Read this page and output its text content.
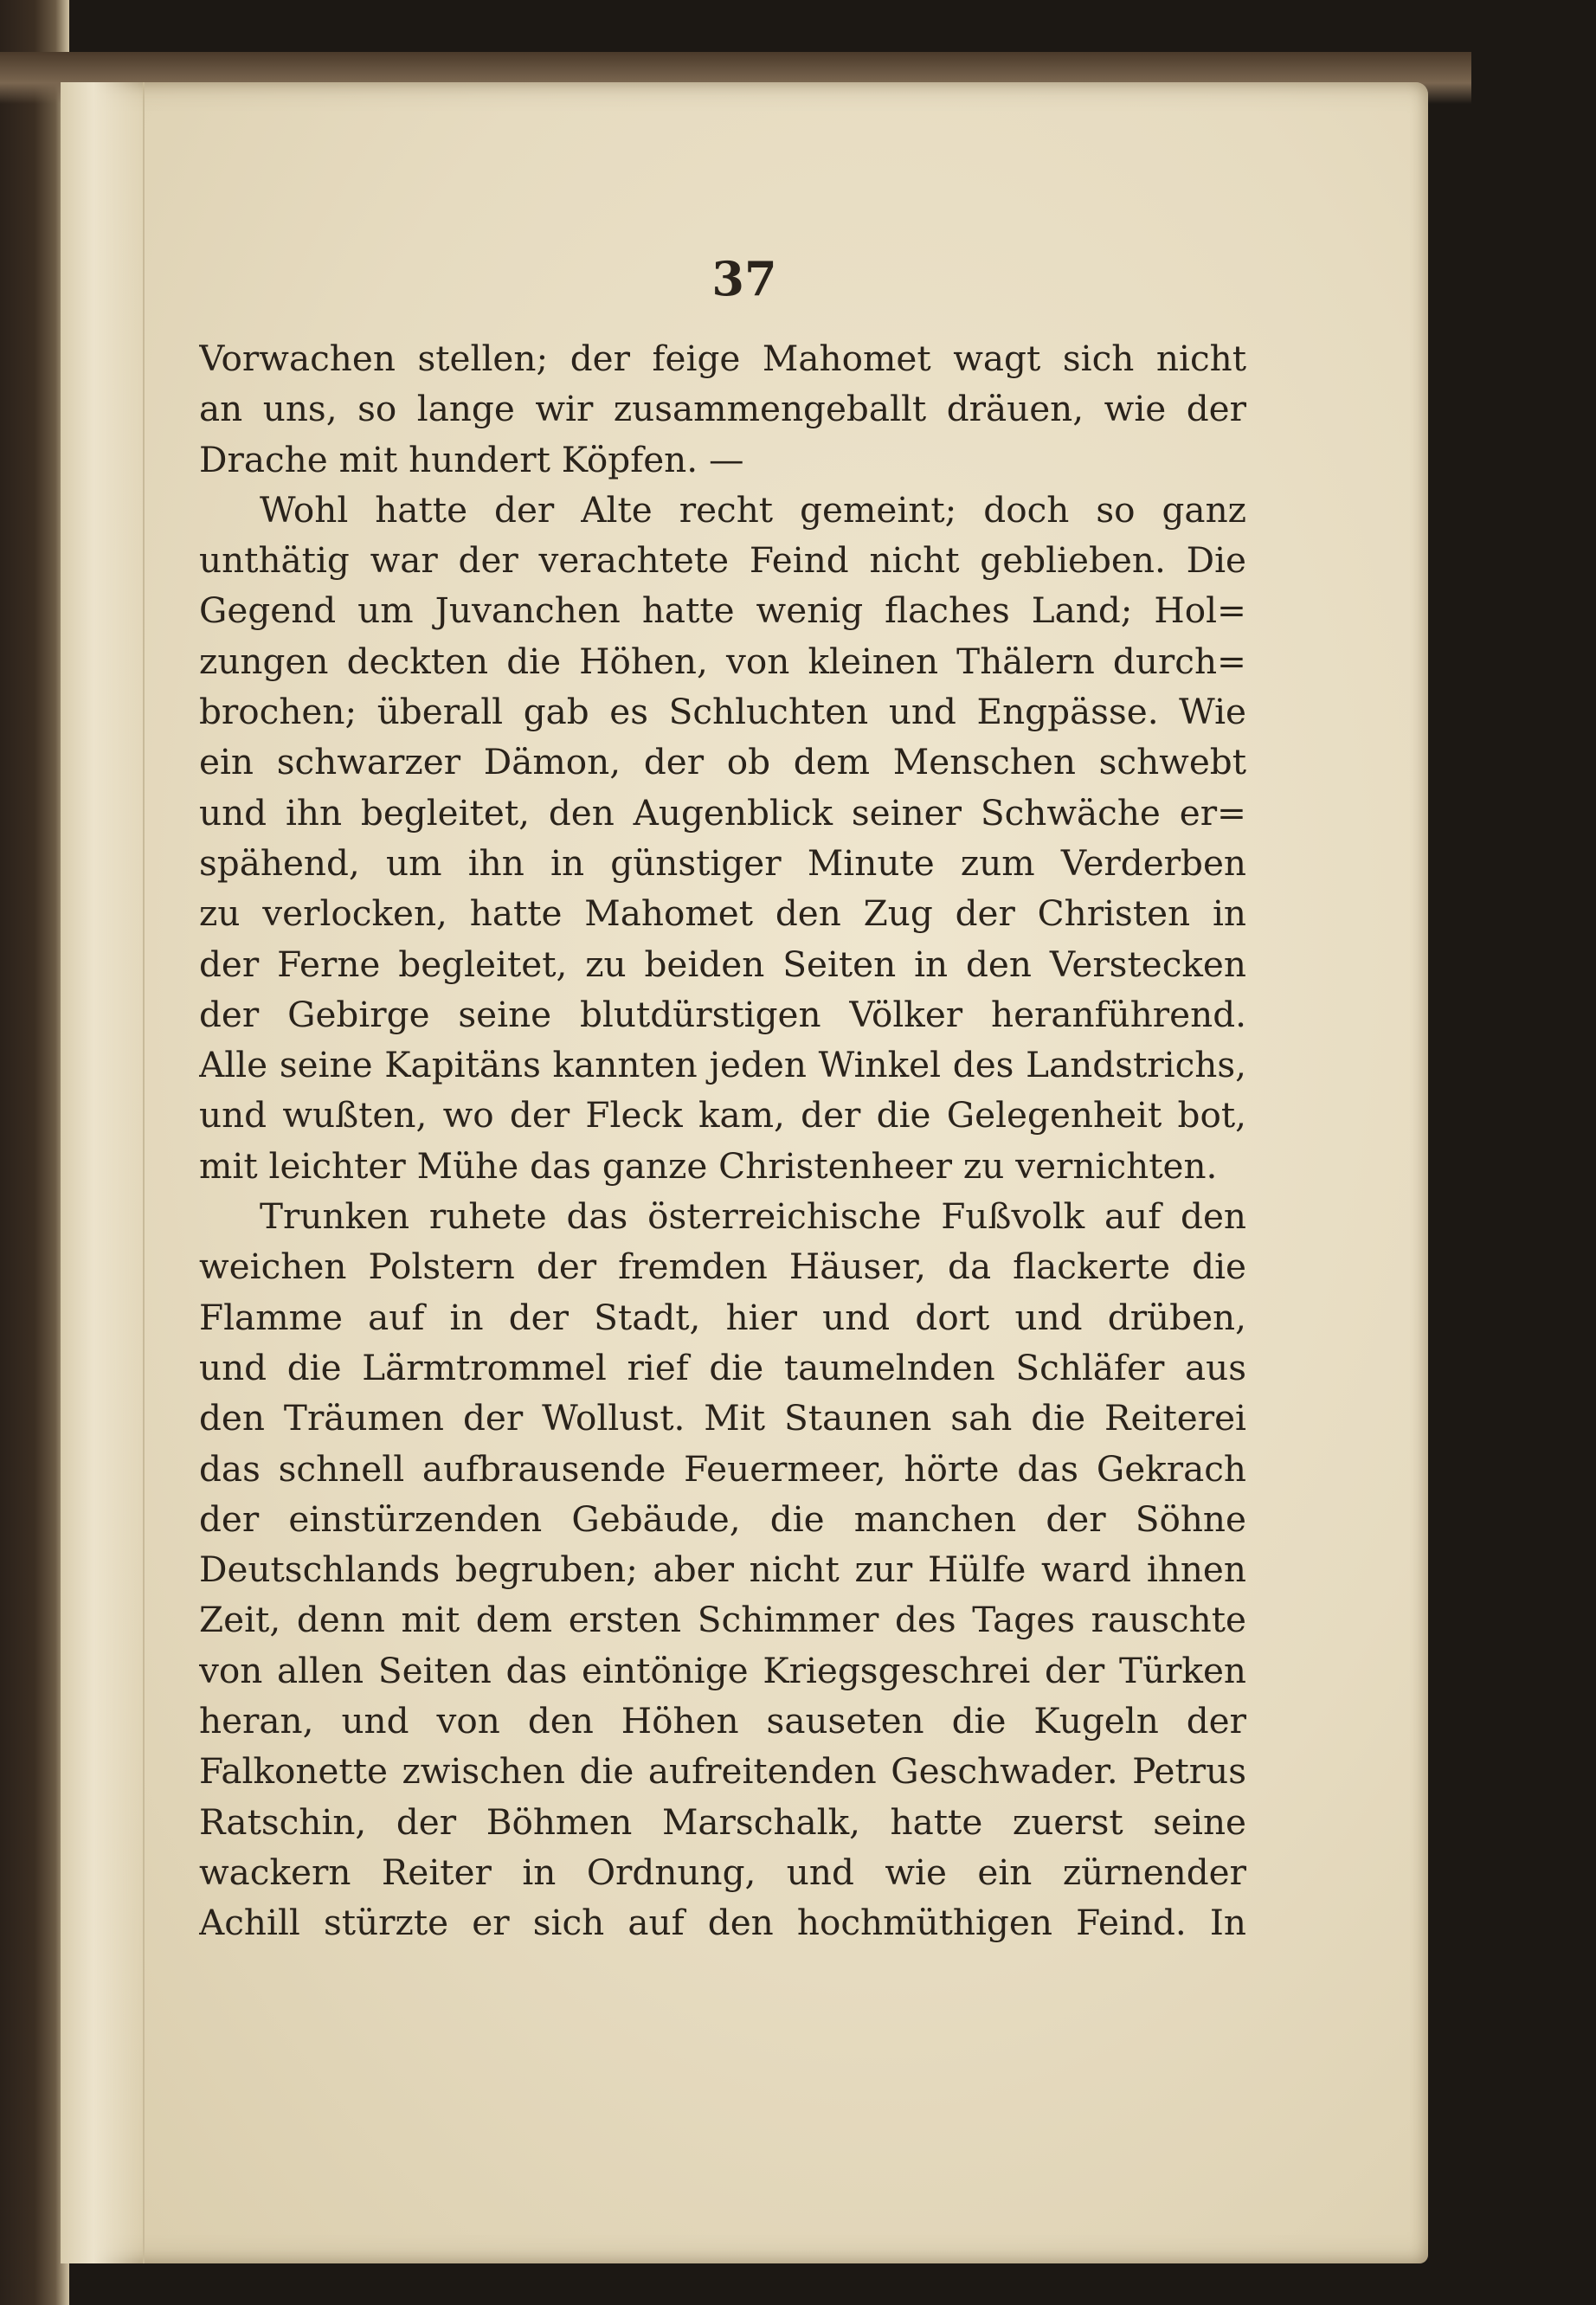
37
Vorwachen stellen; der feige Mahomet wagt sich nicht
an uns, so lange wir zusammengeballt dräuen, wie der
Drache mit hundert Köpfen. —
Wohl hatte der Alte recht gemeint; doch so ganz
unthätig war der verachtete Feind nicht geblieben. Die
Gegend um Juvanchen hatte wenig flaches Land; Hol=
zungen deckten die Höhen, von kleinen Thälern durch=
brochen; überall gab es Schluchten und Engpässe. Wie
ein schwarzer Dämon, der ob dem Menschen schwebt
und ihn begleitet, den Augenblick seiner Schwäche er=
spähend, um ihn in günstiger Minute zum Verderben
zu verlocken, hatte Mahomet den Zug der Christen in
der Ferne begleitet, zu beiden Seiten in den Verstecken
der Gebirge seine blutdürstigen Völker heranführend.
Alle seine Kapitäns kannten jeden Winkel des Landstrichs,
und wußten, wo der Fleck kam, der die Gelegenheit bot,
mit leichter Mühe das ganze Christenheer zu vernichten.
Trunken ruhete das österreichische Fußvolk auf den
weichen Polstern der fremden Häuser, da flackerte die
Flamme auf in der Stadt, hier und dort und drüben,
und die Lärmtrommel rief die taumelnden Schläfer aus
den Träumen der Wollust. Mit Staunen sah die Reiterei
das schnell aufbrausende Feuermeer, hörte das Gekrach
der einstürzenden Gebäude, die manchen der Söhne
Deutschlands begruben; aber nicht zur Hülfe ward ihnen
Zeit, denn mit dem ersten Schimmer des Tages rauschte
von allen Seiten das eintönige Kriegsgeschrei der Türken
heran, und von den Höhen sauseten die Kugeln der
Falkonette zwischen die aufreitenden Geschwader. Petrus
Ratschin, der Böhmen Marschalk, hatte zuerst seine
wackern Reiter in Ordnung, und wie ein zürnender
Achill stürzte er sich auf den hochmüthigen Feind. In
